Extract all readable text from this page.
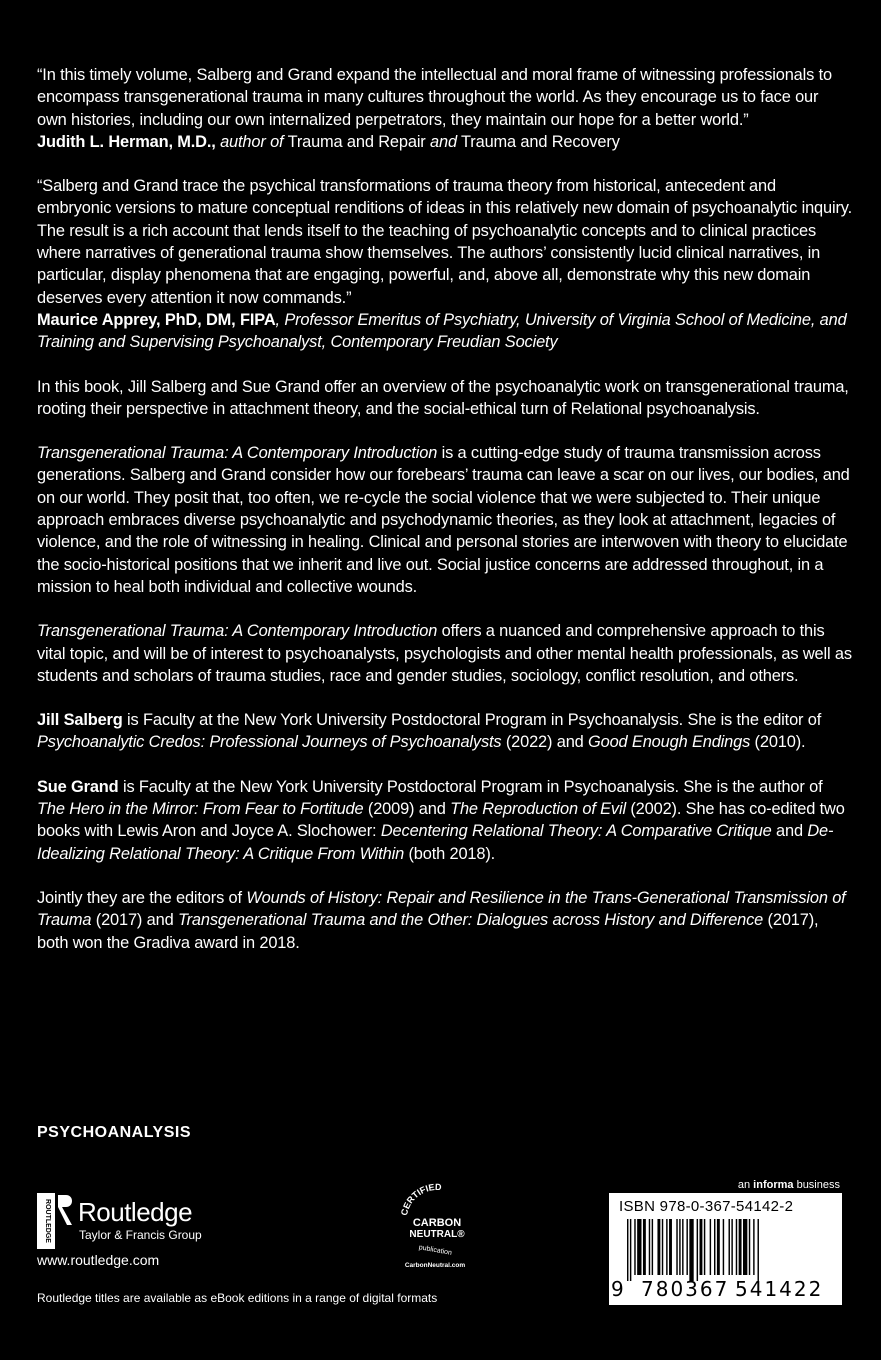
“In this timely volume, Salberg and Grand expand the intellectual and moral frame of witnessing professionals to encompass transgenerational trauma in many cultures throughout the world. As they encourage us to face our own histories, including our own internalized perpetrators, they maintain our hope for a better world.”
Judith L. Herman, M.D., author of Trauma and Repair and Trauma and Recovery
“Salberg and Grand trace the psychical transformations of trauma theory from historical, antecedent and embryonic versions to mature conceptual renditions of ideas in this relatively new domain of psychoanalytic inquiry. The result is a rich account that lends itself to the teaching of psychoanalytic concepts and to clinical practices where narratives of generational trauma show themselves. The authors’ consistently lucid clinical narratives, in particular, display phenomena that are engaging, powerful, and, above all, demonstrate why this new domain deserves every attention it now commands.”
Maurice Apprey, PhD, DM, FIPA, Professor Emeritus of Psychiatry, University of Virginia School of Medicine, and Training and Supervising Psychoanalyst, Contemporary Freudian Society
In this book, Jill Salberg and Sue Grand offer an overview of the psychoanalytic work on transgenerational trauma, rooting their perspective in attachment theory, and the social-ethical turn of Relational psychoanalysis.
Transgenerational Trauma: A Contemporary Introduction is a cutting-edge study of trauma transmission across generations. Salberg and Grand consider how our forebears’ trauma can leave a scar on our lives, our bodies, and on our world. They posit that, too often, we re-cycle the social violence that we were subjected to. Their unique approach embraces diverse psychoanalytic and psychodynamic theories, as they look at attachment, legacies of violence, and the role of witnessing in healing. Clinical and personal stories are interwoven with theory to elucidate the socio-historical positions that we inherit and live out. Social justice concerns are addressed throughout, in a mission to heal both individual and collective wounds.
Transgenerational Trauma: A Contemporary Introduction offers a nuanced and comprehensive approach to this vital topic, and will be of interest to psychoanalysts, psychologists and other mental health professionals, as well as students and scholars of trauma studies, race and gender studies, sociology, conflict resolution, and others.
Jill Salberg is Faculty at the New York University Postdoctoral Program in Psychoanalysis. She is the editor of Psychoanalytic Credos: Professional Journeys of Psychoanalysts (2022) and Good Enough Endings (2010).
Sue Grand is Faculty at the New York University Postdoctoral Program in Psychoanalysis. She is the author of The Hero in the Mirror: From Fear to Fortitude (2009) and The Reproduction of Evil (2002). She has co-edited two books with Lewis Aron and Joyce A. Slochower: Decentering Relational Theory: A Comparative Critique and De-Idealizing Relational Theory: A Critique From Within (both 2018).
Jointly they are the editors of Wounds of History: Repair and Resilience in the Trans-Generational Transmission of Trauma (2017) and Transgenerational Trauma and the Other: Dialogues across History and Difference (2017), both won the Gradiva award in 2018.
PSYCHOANALYSIS
ROUTLEDGE Routledge
Taylor & Francis Group
www.routledge.com
Routledge titles are available as eBook editions in a range of digital formats
CERTIFIED
CARBON
NEUTRAL®
publication
CarbonNeutral.com
an informa business
ISBN 978-0-367-54142-2
9 780367 541422
